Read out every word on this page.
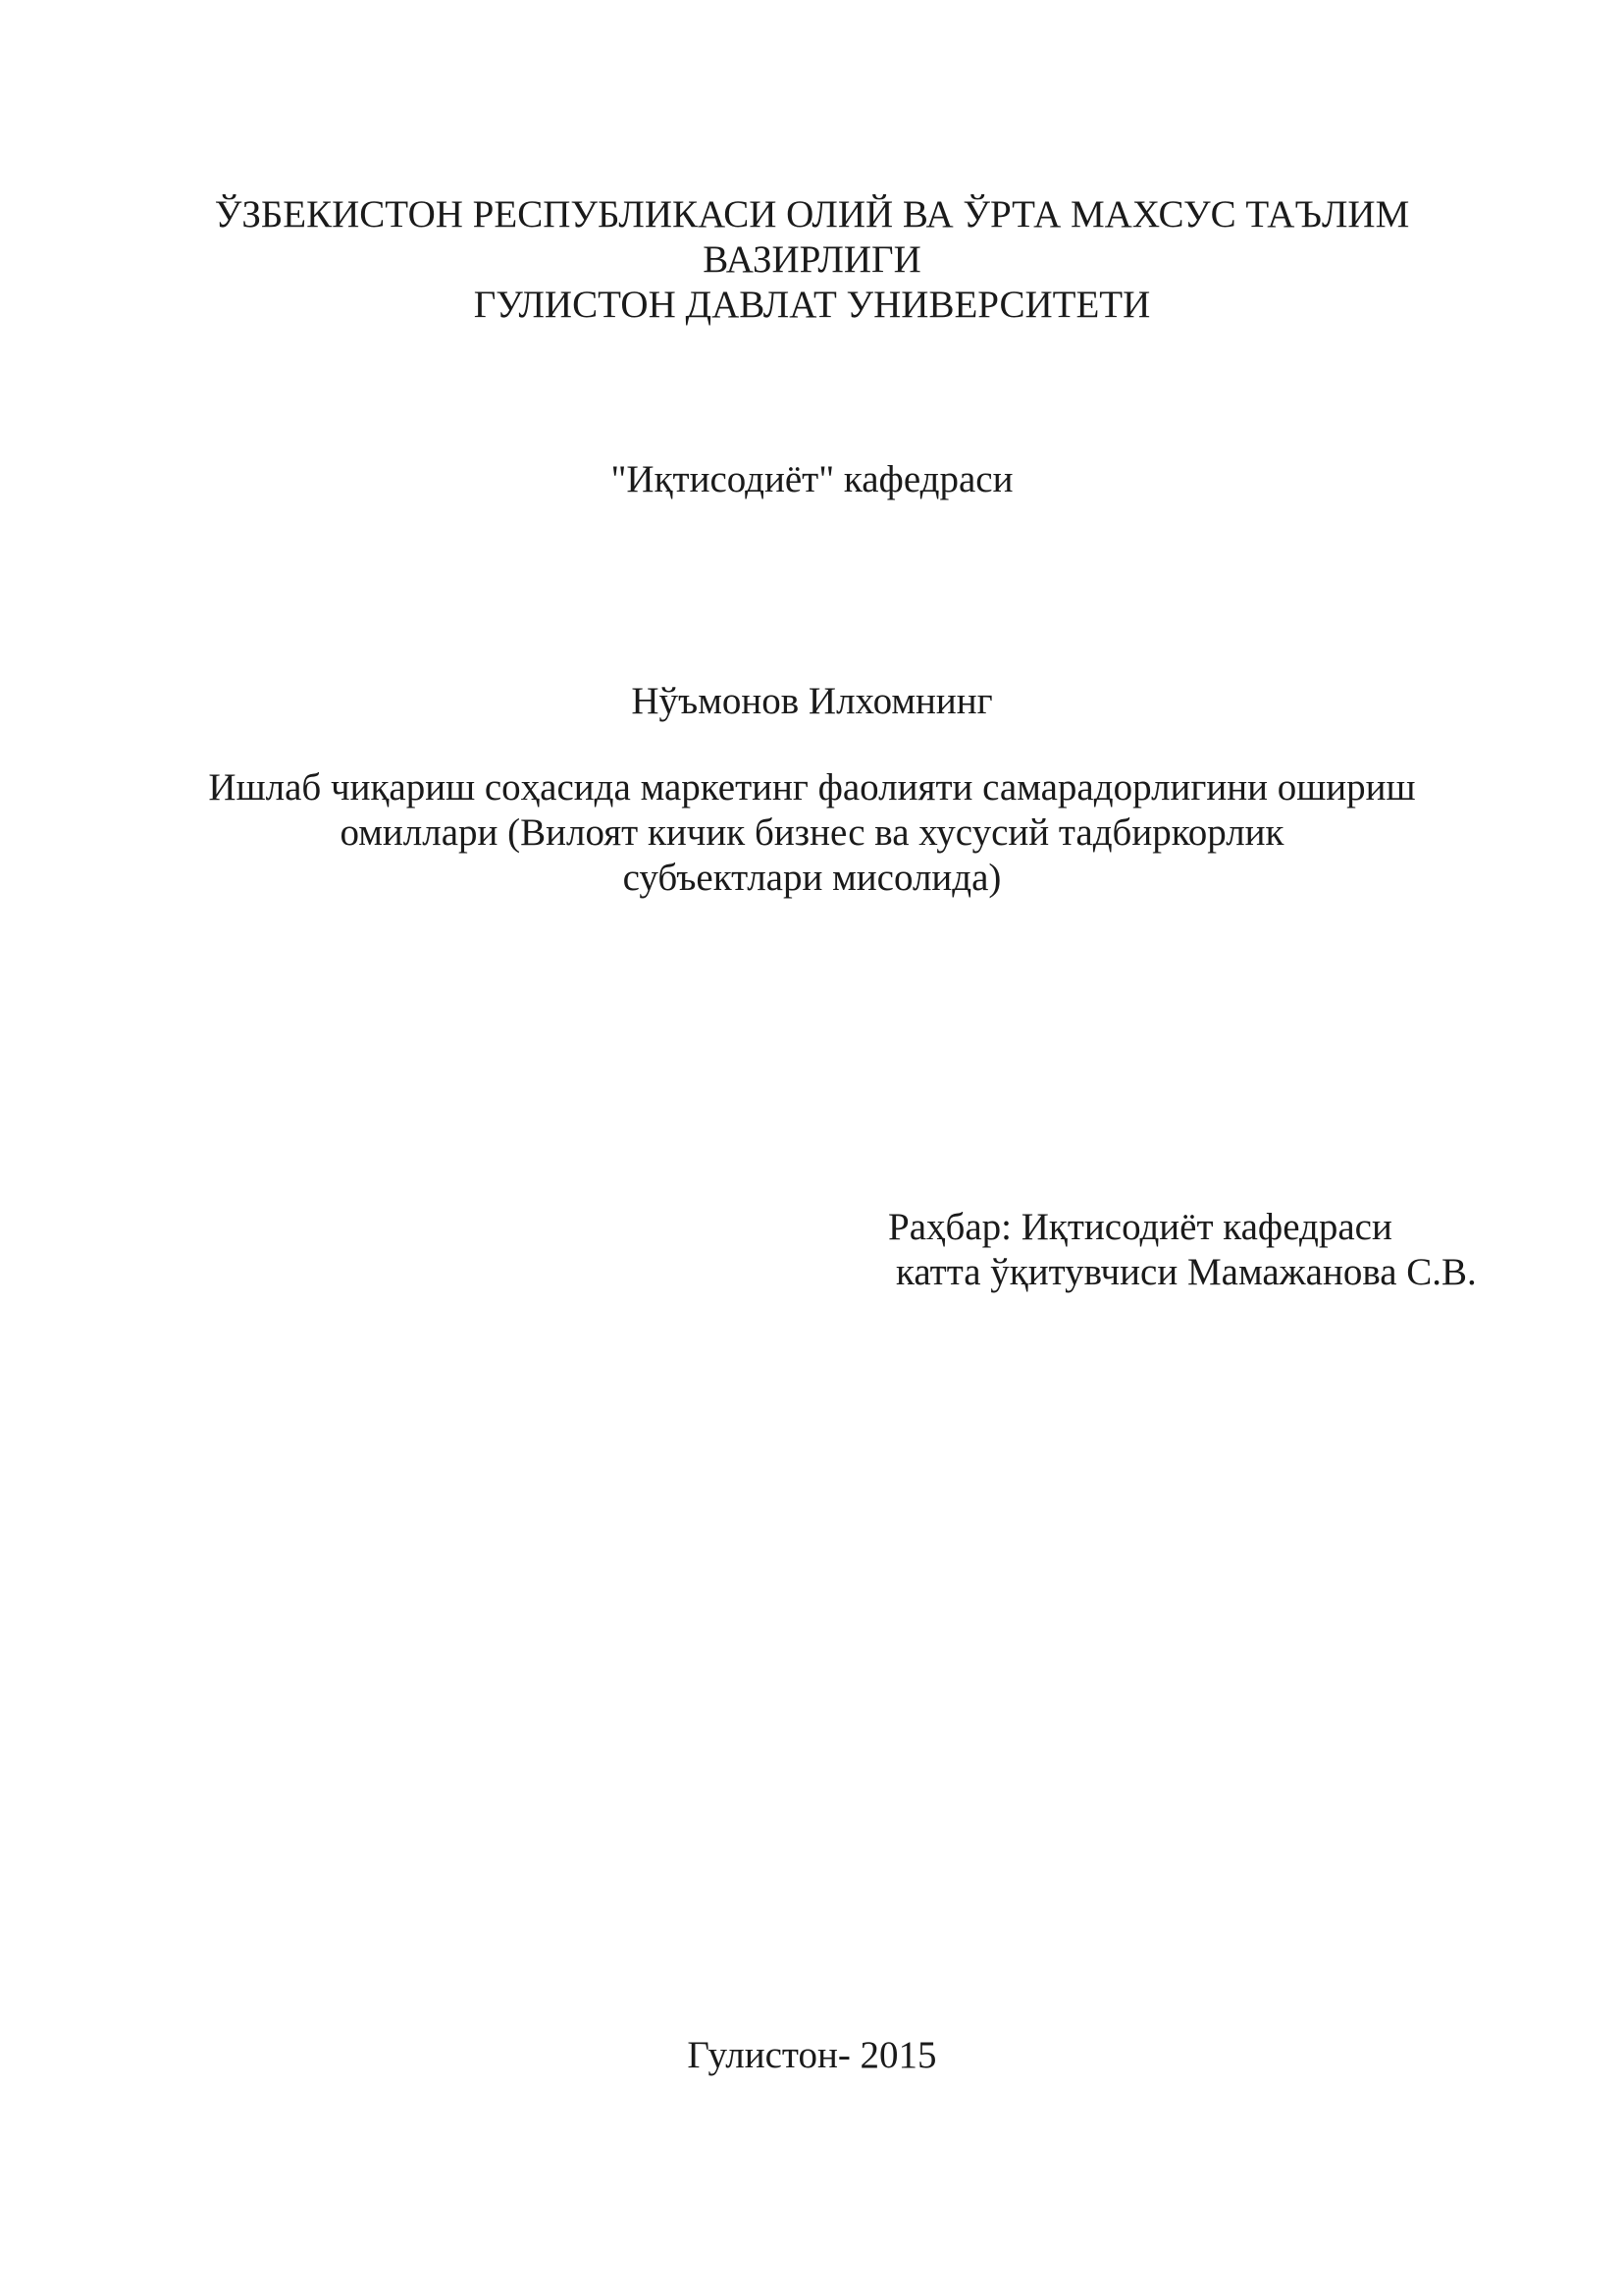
ЎЗБЕКИСТОН РЕСПУБЛИКАСИ ОЛИЙ ВА ЎРТА МАХСУС ТАЪЛИМ
ВАЗИРЛИГИ
ГУЛИСТОН ДАВЛАТ УНИВЕРСИТЕТИ
"Иқтисодиёт" кафедраси
Нўъмонов Илхомнинг
Ишлаб чиқариш соҳасида маркетинг фаолияти самарадорлигини ошириш
омиллари (Вилоят кичик бизнес ва хусусий тадбиркорлик
субъектлари мисолида)
Раҳбар: Иқтисодиёт кафедраси
катта ўқитувчиси Мамажанова С.В.
Гулистон- 2015
